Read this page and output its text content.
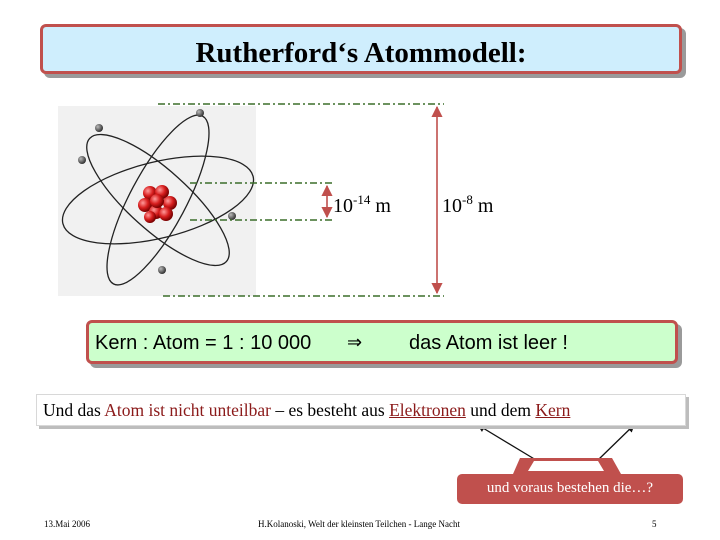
Rutherford‘s Atommodell:
$10^{-14}$ m	$10^{-8}$ m
Kern : Atom = 1 : 10 000 ⇒ das Atom ist leer !
Und das Atom ist nicht unteilbar – es besteht aus Elektronen und dem Kern
und voraus bestehen die…?
13.Mai 2006	H.Kolanoski, Welt der kleinsten Teilchen - Lange Nacht	5
